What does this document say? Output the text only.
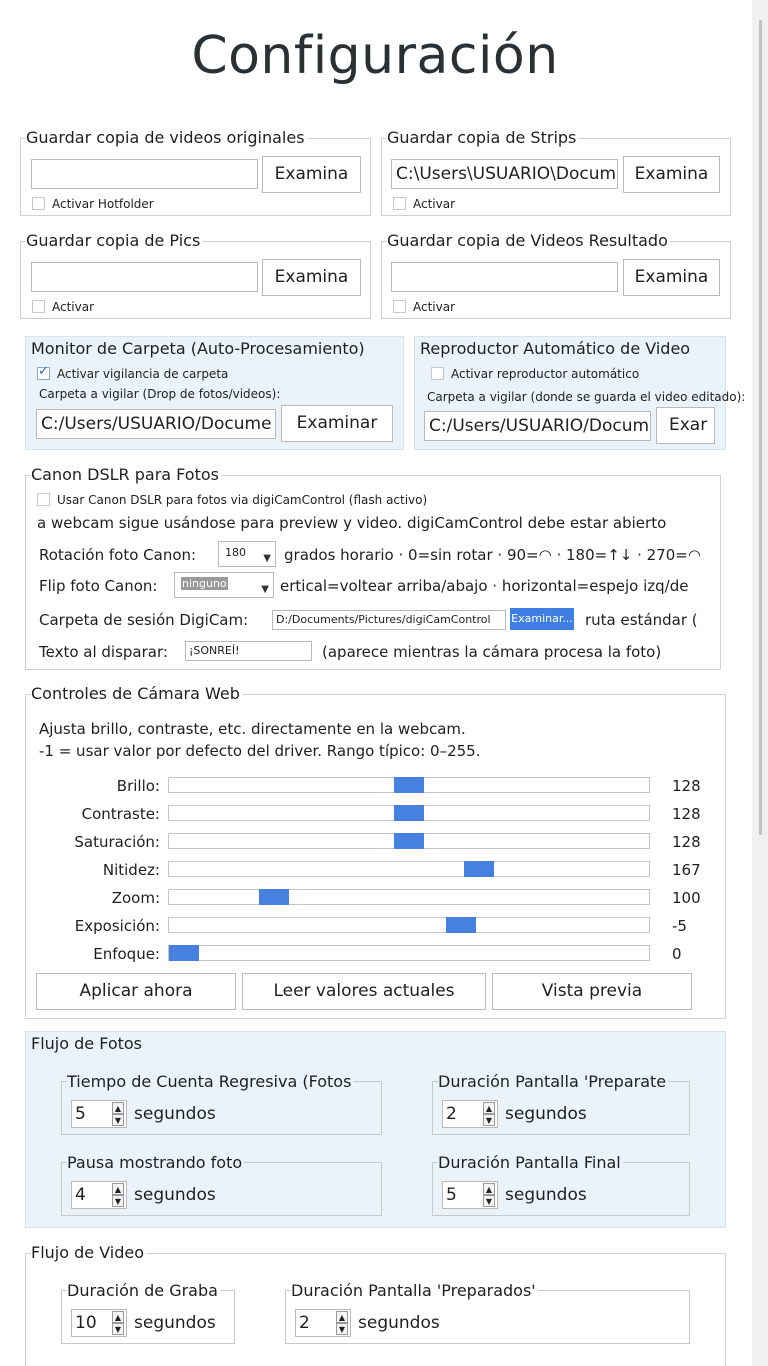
Configuración
Guardar copia de videos originales
Examina
Activar Hotfolder
Guardar copia de Strips
C:\Users\USUARIO\Docum	Examina
Activar
Guardar copia de Pics
Examina
Activar
Guardar copia de Videos Resultado
Examina
Activar
Monitor de Carpeta (Auto-Procesamiento)
✓
Activar vigilancia de carpeta
Carpeta a vigilar (Drop de fotos/videos):
C:/Users/USUARIO/Docume	Examinar
Reproductor Automático de Video
Activar reproductor automático
Carpeta a vigilar (donde se guarda el video editado):
C:/Users/USUARIO/Docum	Exar
Canon DSLR para Fotos
Usar Canon DSLR para fotos via digiCamControl (flash activo)
a webcam sigue usándose para preview y video. digiCamControl debe estar abierto
Rotación foto Canon:	180 ▼ grados horario · 0=sin rotar · 90=◠ · 180=↑↓ · 270=◠
Flip foto Canon:	ninguno	▼ ertical=voltear arriba/abajo · horizontal=espejo izq/de
Carpeta de sesión DigiCam:	D:/Documents/Pictures/digiCamControl	Examinar... ruta estándar (
Texto al disparar:	¡SONREÍ!	(aparece mientras la cámara procesa la foto)
Controles de Cámara Web
Ajusta brillo, contraste, etc. directamente en la webcam.
-1 = usar valor por defecto del driver. Rango típico: 0–255.
Brillo:	128
Contraste:	128
Saturación:	128
Nitidez:	167
Zoom:	100
Exposición:	-5
Enfoque:	0
Aplicar ahora	Leer valores actuales	Vista previa
Flujo de Fotos
Tiempo de Cuenta Regresiva (Fotos
5	▲
▼ segundos
Duración Pantalla 'Preparate
2	▲
▼ segundos
Pausa mostrando foto
4	▲
▼ segundos
Duración Pantalla Final
5	▲
▼ segundos
Flujo de Video
Duración de Graba
10	▲
▼ segundos
Duración Pantalla 'Preparados'
2	▲
▼ segundos
